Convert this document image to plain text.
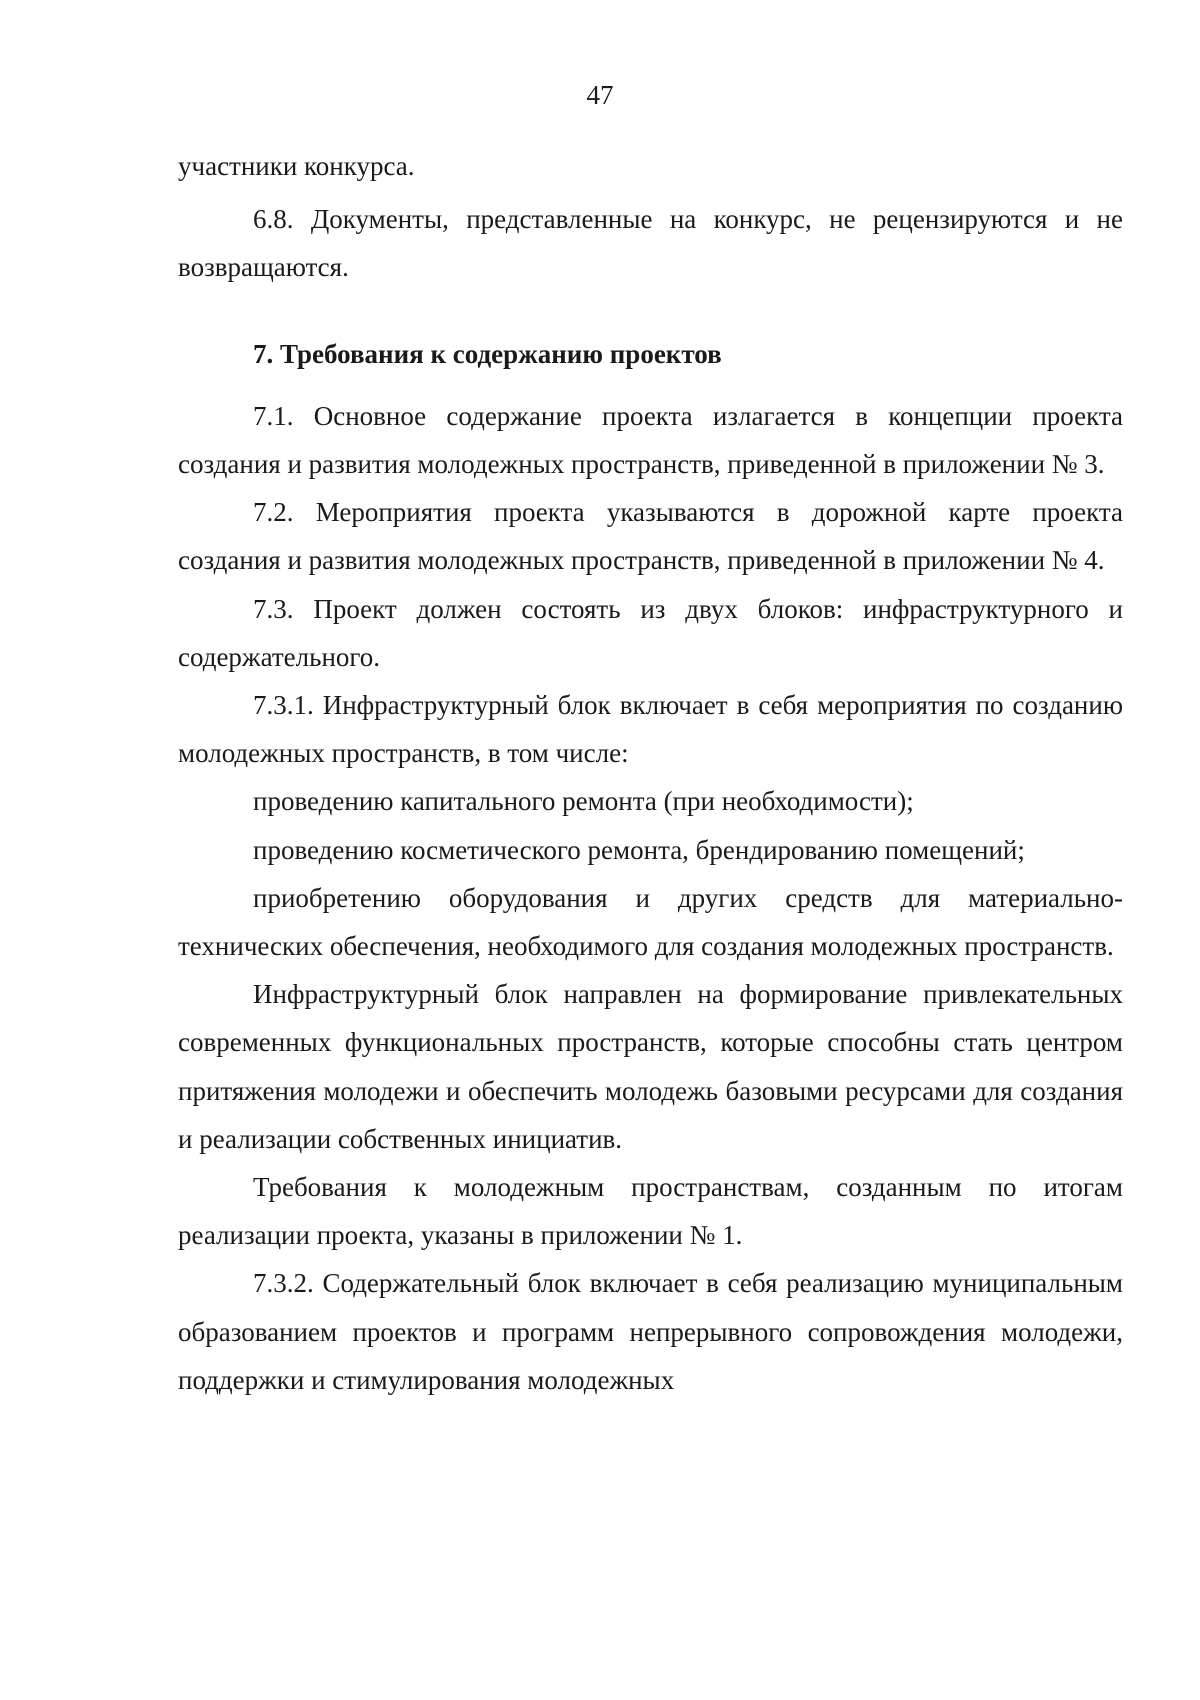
47

участники конкурса.

6.8. Документы, представленные на конкурс, не рецензируются и не возвращаются.

7. Требования к содержанию проектов

7.1. Основное содержание проекта излагается в концепции проекта создания и развития молодежных пространств, приведенной в приложении № 3.

7.2. Мероприятия проекта указываются в дорожной карте проекта создания и развития молодежных пространств, приведенной в приложении № 4.

7.3. Проект должен состоять из двух блоков: инфраструктурного и содержательного.

7.3.1. Инфраструктурный блок включает в себя мероприятия по созданию молодежных пространств, в том числе:

проведению капитального ремонта (при необходимости);

проведению косметического ремонта, брендированию помещений;

приобретению оборудования и других средств для материально-технических обеспечения, необходимого для создания молодежных пространств.

Инфраструктурный блок направлен на формирование привлекательных современных функциональных пространств, которые способны стать центром притяжения молодежи и обеспечить молодежь базовыми ресурсами для создания и реализации собственных инициатив.

Требования к молодежным пространствам, созданным по итогам реализации проекта, указаны в приложении № 1.

7.3.2. Содержательный блок включает в себя реализацию муниципальным образованием проектов и программ непрерывного сопровождения молодежи, поддержки и стимулирования молодежных
